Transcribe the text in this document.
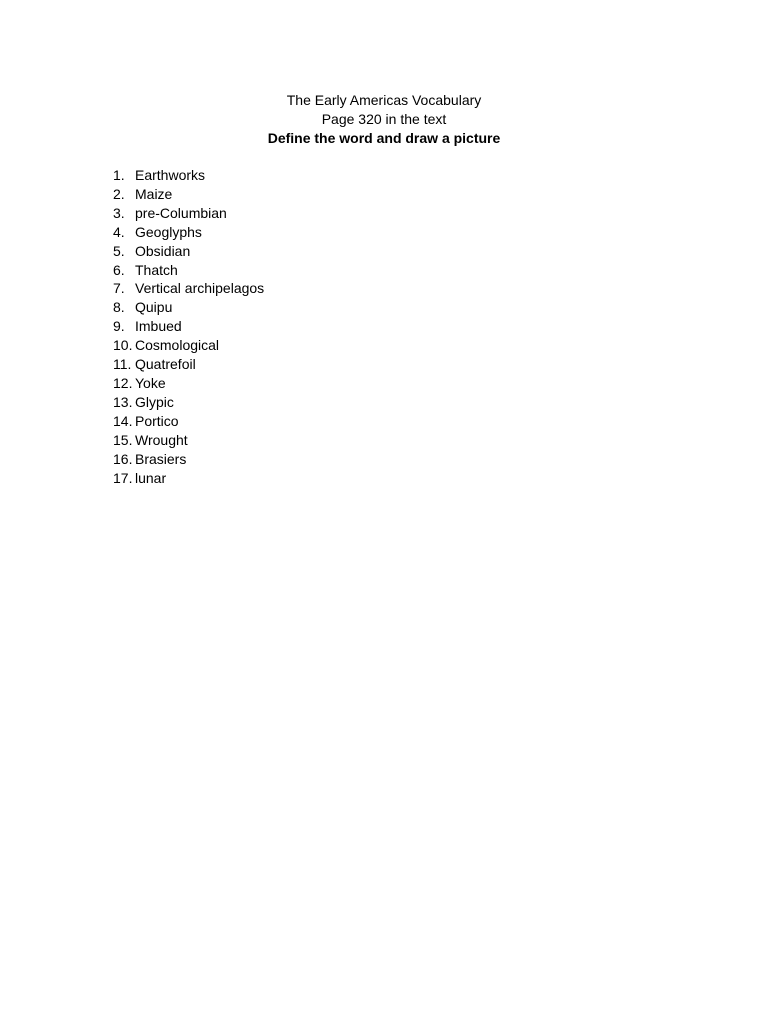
The Early Americas Vocabulary
Page 320 in the text
Define the word and draw a picture
1. Earthworks
2. Maize
3. pre-Columbian
4. Geoglyphs
5. Obsidian
6. Thatch
7. Vertical archipelagos
8. Quipu
9. Imbued
10. Cosmological
11. Quatrefoil
12. Yoke
13. Glypic
14. Portico
15. Wrought
16. Brasiers
17. lunar
